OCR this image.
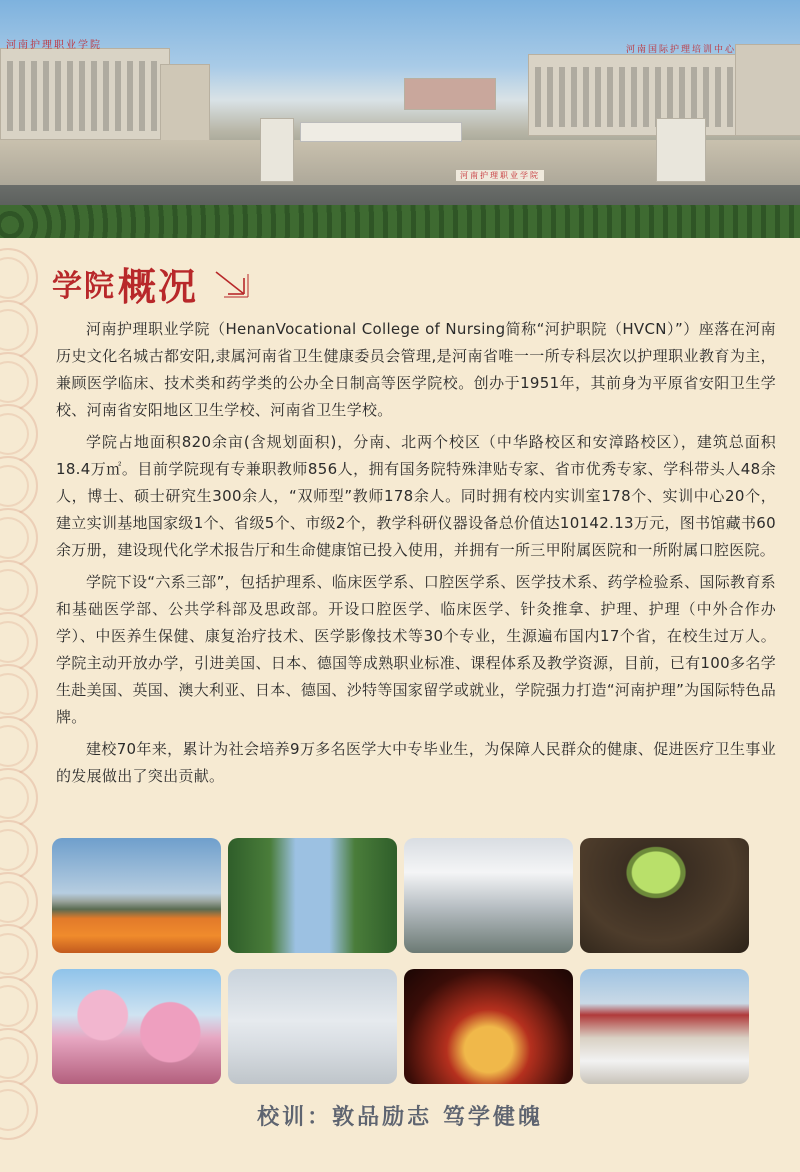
河南护理职业学院	河南国际护理培训中心
河南护理职业学院
学院 概况

河南护理职业学院（HenanVocational College of Nursing简称“河护职院（HVCN）”）座落在河南历史文化名城古都安阳,隶属河南省卫生健康委员会管理,是河南省唯一一所专科层次以护理职业教育为主，兼顾医学临床、技术类和药学类的公办全日制高等医学院校。创办于1951年，其前身为平原省安阳卫生学校、河南省安阳地区卫生学校、河南省卫生学校。

学院占地面积820余亩(含规划面积)，分南、北两个校区（中华路校区和安漳路校区），建筑总面积18.4万㎡。目前学院现有专兼职教师856人，拥有国务院特殊津贴专家、省市优秀专家、学科带头人48余人，博士、硕士研究生300余人，“双师型”教师178余人。同时拥有校内实训室178个、实训中心20个，建立实训基地国家级1个、省级5个、市级2个，教学科研仪器设备总价值达10142.13万元，图书馆藏书60余万册，建设现代化学术报告厅和生命健康馆已投入使用，并拥有一所三甲附属医院和一所附属口腔医院。

学院下设“六系三部”，包括护理系、临床医学系、口腔医学系、医学技术系、药学检验系、国际教育系和基础医学部、公共学科部及思政部。开设口腔医学、临床医学、针灸推拿、护理、护理（中外合作办学）、中医养生保健、康复治疗技术、医学影像技术等30个专业，生源遍布国内17个省，在校生过万人。学院主动开放办学，引进美国、日本、德国等成熟职业标准、课程体系及教学资源，目前，已有100多名学生赴美国、英国、澳大利亚、日本、德国、沙特等国家留学或就业，学院强力打造“河南护理”为国际特色品牌。

建校70年来，累计为社会培养9万多名医学大中专毕业生，为保障人民群众的健康、促进医疗卫生事业的发展做出了突出贡献。

校训：敦品励志 笃学健魄
